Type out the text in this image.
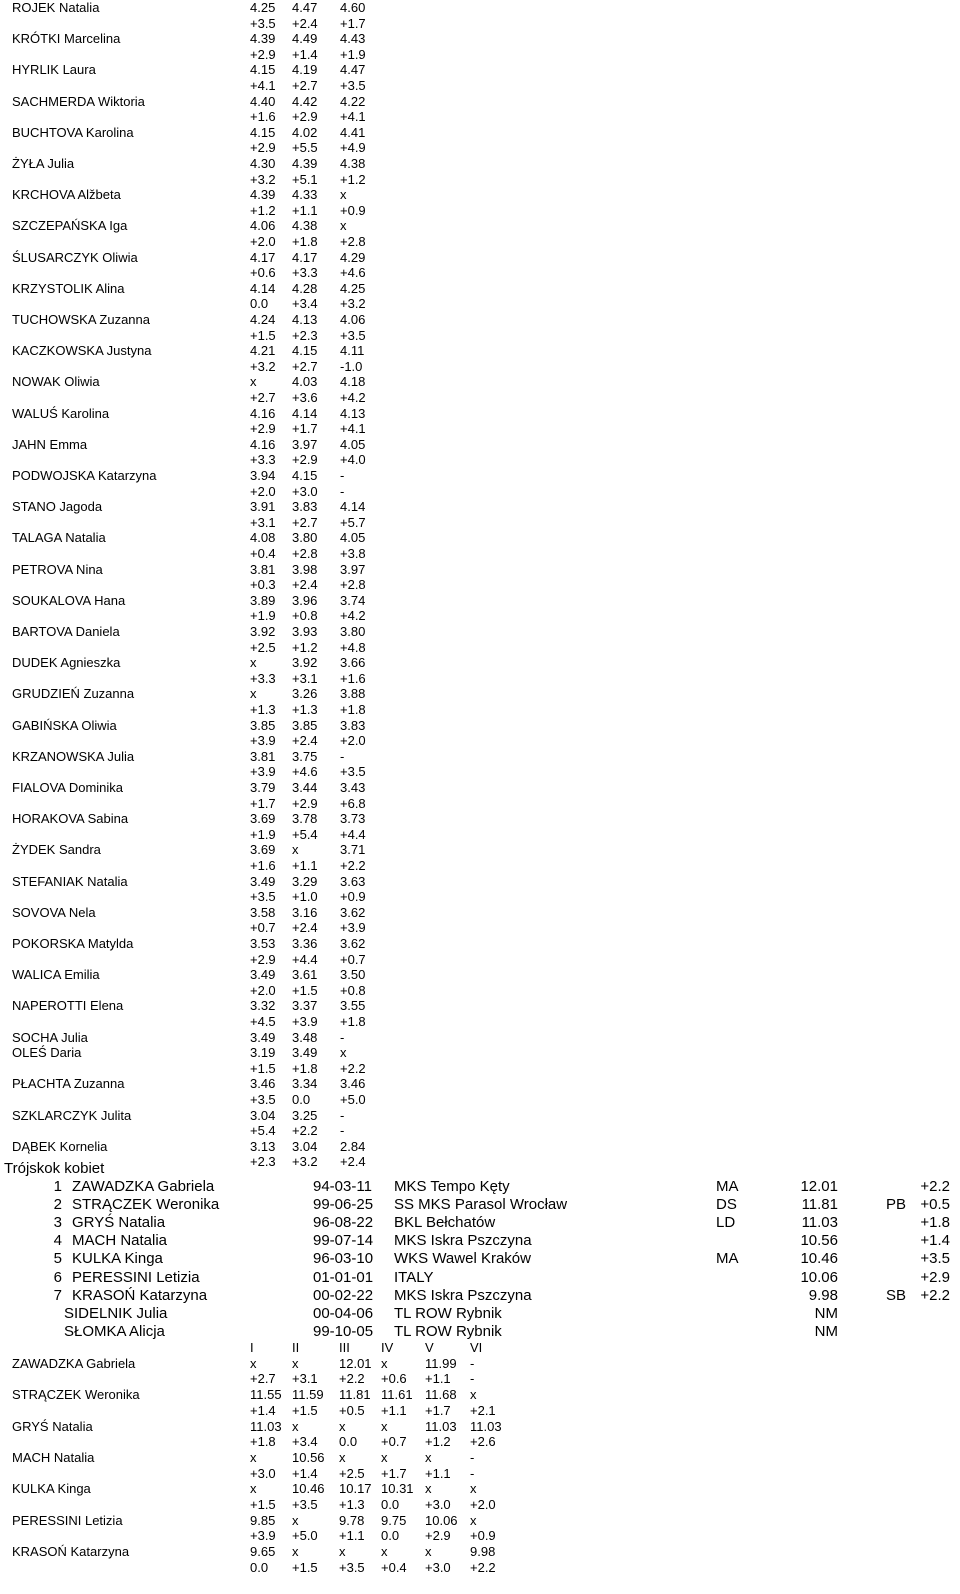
ROJEK Natalia	4.25 4.47 4.60
+3.5 +2.4 +1.7
KRÓTKI Marcelina	4.39 4.49 4.43
+2.9 +1.4 +1.9
HYRLIK Laura	4.15 4.19 4.47
+4.1 +2.7 +3.5
SACHMERDA Wiktoria	4.40 4.42 4.22
+1.6 +2.9 +4.1
BUCHTOVA Karolina	4.15 4.02 4.41
+2.9 +5.5 +4.9
ŻYŁA Julia	4.30 4.39 4.38
+3.2 +5.1 +1.2
KRCHOVA Alžbeta	4.39 4.33 x
+1.2 +1.1 +0.9
SZCZEPAŃSKA Iga	4.06 4.38 x
+2.0 +1.8 +2.8
ŚLUSARCZYK Oliwia	4.17 4.17 4.29
+0.6 +3.3 +4.6
KRZYSTOLIK Alina	4.14 4.28 4.25
0.0 +3.4 +3.2
TUCHOWSKA Zuzanna	4.24 4.13 4.06
+1.5 +2.3 +3.5
KACZKOWSKA Justyna	4.21 4.15 4.11
+3.2 +2.7 -1.0
NOWAK Oliwia	x	4.03 4.18
+2.7 +3.6 +4.2
WALUŚ Karolina	4.16 4.14 4.13
+2.9 +1.7 +4.1
JAHN Emma	4.16 3.97 4.05
+3.3 +2.9 +4.0
PODWOJSKA Katarzyna	3.94 4.15 -
+2.0 +3.0 -
STANO Jagoda	3.91 3.83 4.14
+3.1 +2.7 +5.7
TALAGA Natalia	4.08 3.80 4.05
+0.4 +2.8 +3.8
PETROVA Nina	3.81 3.98 3.97
+0.3 +2.4 +2.8
SOUKALOVA Hana	3.89 3.96 3.74
+1.9 +0.8 +4.2
BARTOVA Daniela	3.92 3.93 3.80
+2.5 +1.2 +4.8
DUDEK Agnieszka	x	3.92 3.66
+3.3 +3.1 +1.6
GRUDZIEŃ Zuzanna	x	3.26 3.88
+1.3 +1.3 +1.8
GABIŃSKA Oliwia	3.85 3.85 3.83
+3.9 +2.4 +2.0
KRZANOWSKA Julia	3.81 3.75 -
+3.9 +4.6 +3.5
FIALOVA Dominika	3.79 3.44 3.43
+1.7 +2.9 +6.8
HORAKOVA Sabina	3.69 3.78 3.73
+1.9 +5.4 +4.4
ŻYDEK Sandra	3.69 x	3.71
+1.6 +1.1 +2.2
STEFANIAK Natalia	3.49 3.29 3.63
+3.5 +1.0 +0.9
SOVOVA Nela	3.58 3.16 3.62
+0.7 +2.4 +3.9
POKORSKA Matylda	3.53 3.36 3.62
+2.9 +4.4 +0.7
WALICA Emilia	3.49 3.61 3.50
+2.0 +1.5 +0.8
NAPEROTTI Elena	3.32 3.37 3.55
+4.5 +3.9 +1.8
SOCHA Julia	3.49 3.48 -
OLEŚ Daria	3.19 3.49 x
+1.5 +1.8 +2.2
PŁACHTA Zuzanna	3.46 3.34 3.46
+3.5 0.0 +5.0
SZKLARCZYK Julita	3.04 3.25 -
+5.4 +2.2 -
DĄBEK Kornelia	3.13 3.04 2.84
+2.3 +3.2 +2.4
Trójskok kobiet
1 ZAWADZKA Gabriela	94-03-11 MKS Tempo Kęty	MA	12.01	+2.2
2 STRĄCZEK Weronika	99-06-25 SS MKS Parasol Wrocław	DS	11.81	PB +0.5
3 GRYŚ Natalia	96-08-22 BKL Bełchatów	LD	11.03	+1.8
4 MACH Natalia	99-07-14 MKS Iskra Pszczyna	10.56	+1.4
5 KULKA Kinga	96-03-10 WKS Wawel Kraków	MA	10.46	+3.5
6 PERESSINI Letizia	01-01-01 ITALY	10.06	+2.9
7 KRASOŃ Katarzyna	00-02-22 MKS Iskra Pszczyna	9.98	SB +2.2
SIDELNIK Julia	00-04-06 TL ROW Rybnik	NM
SŁOMKA Alicja	99-10-05 TL ROW Rybnik	NM
I	II	III IV V	VI
ZAWADZKA Gabriela	x	x	12.01 x	11.99 -
+2.7 +3.1 +2.2 +0.6 +1.1 -
STRĄCZEK Weronika	11.55 11.59 11.81 11.61 11.68 x
+1.4 +1.5 +0.5 +1.1 +1.7 +2.1
GRYŚ Natalia	11.03 x	x	x	11.03 11.03
+1.8 +3.4 0.0 +0.7 +1.2 +2.6
MACH Natalia	x	10.56 x	x	x	-
+3.0 +1.4 +2.5 +1.7 +1.1 -
KULKA Kinga	x	10.46 10.17 10.31 x	x
+1.5 +3.5 +1.3 0.0 +3.0 +2.0
PERESSINI Letizia	9.85 x	9.78 9.75 10.06 x
+3.9 +5.0 +1.1 0.0 +2.9 +0.9
KRASOŃ Katarzyna	9.65 x	x	x	x	9.98
0.0 +1.5 +3.5 +0.4 +3.0 +2.2
